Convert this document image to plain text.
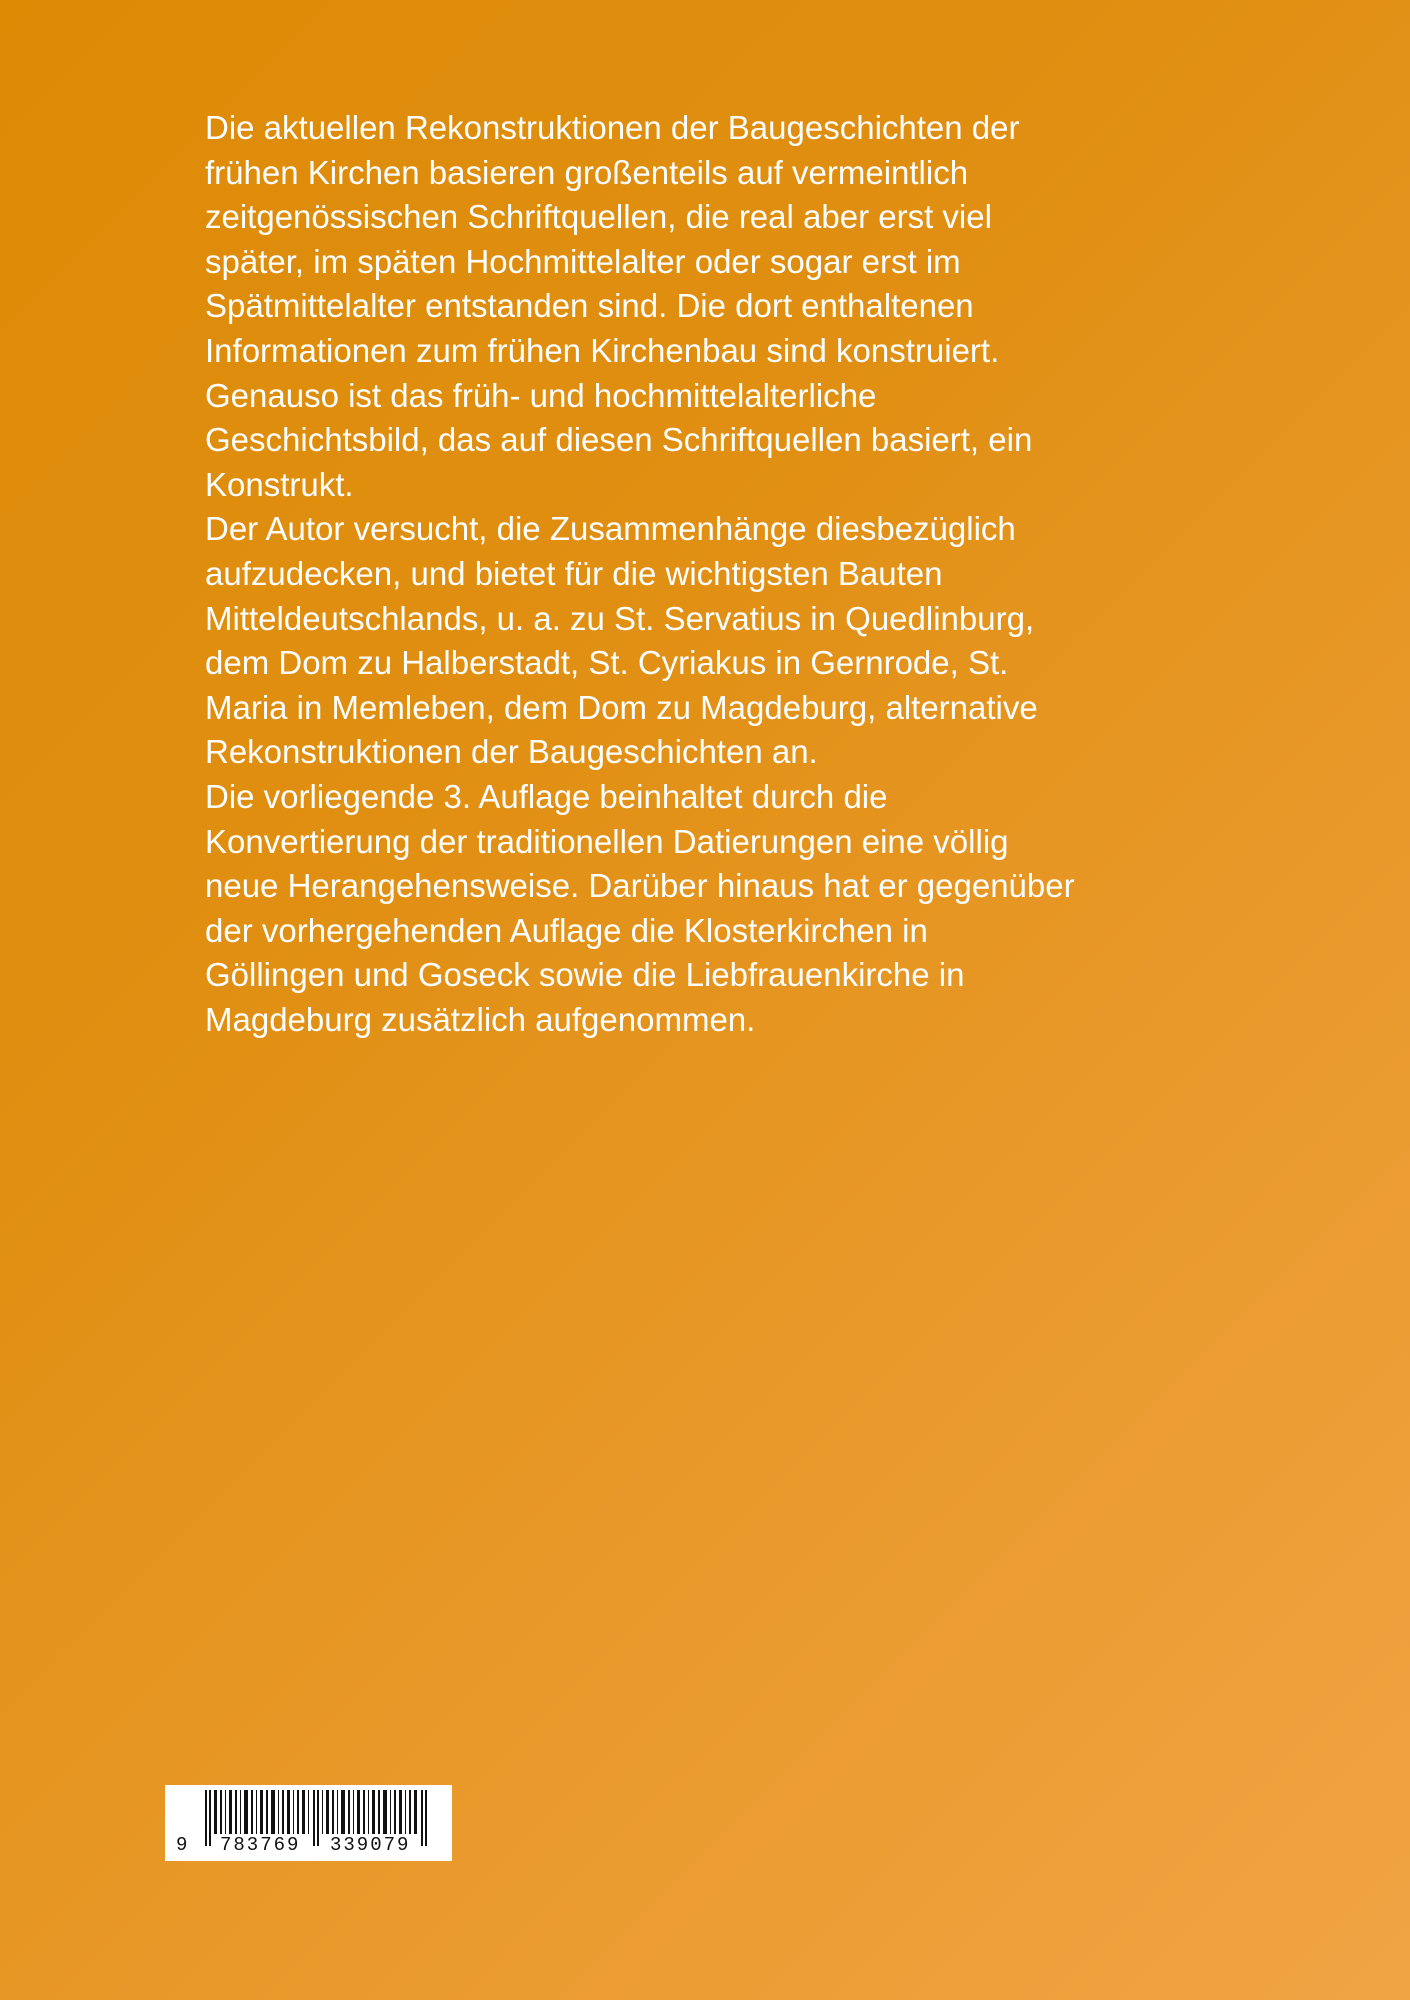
Die aktuellen Rekonstruktionen der Baugeschichten der
frühen Kirchen basieren großenteils auf vermeintlich
zeitgenössischen Schriftquellen, die real aber erst viel
später, im späten Hochmittelalter oder sogar erst im
Spätmittelalter entstanden sind. Die dort enthaltenen
Informationen zum frühen Kirchenbau sind konstruiert.
Genauso ist das früh- und hochmittelalterliche
Geschichtsbild, das auf diesen Schriftquellen basiert, ein
Konstrukt.
Der Autor versucht, die Zusammenhänge diesbezüglich
aufzudecken, und bietet für die wichtigsten Bauten
Mitteldeutschlands, u. a. zu St. Servatius in Quedlinburg,
dem Dom zu Halberstadt, St. Cyriakus in Gernrode, St.
Maria in Memleben, dem Dom zu Magdeburg, alternative
Rekonstruktionen der Baugeschichten an.
Die vorliegende 3. Auflage beinhaltet durch die
Konvertierung der traditionellen Datierungen eine völlig
neue Herangehensweise. Darüber hinaus hat er gegenüber
der vorhergehenden Auflage die Klosterkirchen in
Göllingen und Goseck sowie die Liebfrauenkirche in
Magdeburg zusätzlich aufgenommen.
9 783769 339079
